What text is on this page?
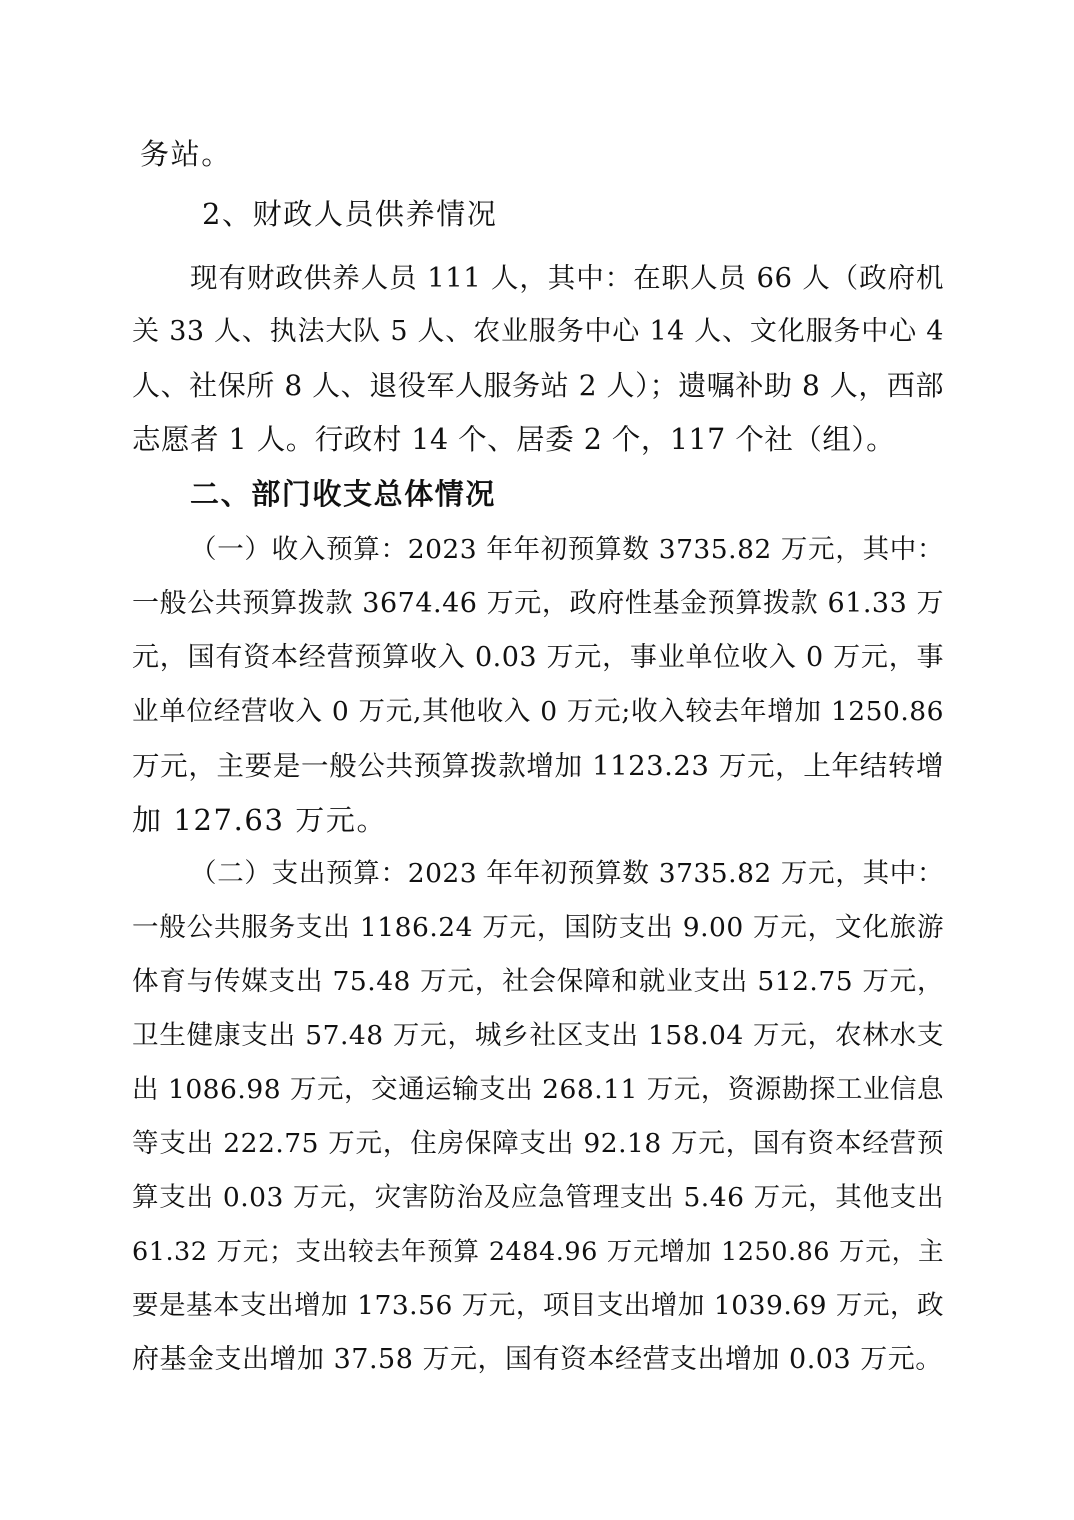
务站。
2、财政人员供养情况
现有财政供养人员 111 人，其中：在职人员 66 人（政府机
关 33 人、执法大队 5 人、农业服务中心 14 人、文化服务中心 4
人、社保所 8 人、退役军人服务站 2 人）；遗嘱补助 8 人，西部
志愿者 1 人。行政村 14 个、居委 2 个，117 个社（组）。
二、部门收支总体情况
（一）收入预算：2023 年年初预算数 3735.82 万元，其中：
一般公共预算拨款 3674.46 万元，政府性基金预算拨款 61.33 万
元，国有资本经营预算收入 0.03 万元，事业单位收入 0 万元，事
业单位经营收入 0 万元,其他收入 0 万元;收入较去年增加 1250.86
万元，主要是一般公共预算拨款增加 1123.23 万元，上年结转增
加 127.63 万元。
（二）支出预算：2023 年年初预算数 3735.82 万元，其中：
一般公共服务支出 1186.24 万元，国防支出 9.00 万元，文化旅游
体育与传媒支出 75.48 万元，社会保障和就业支出 512.75 万元，
卫生健康支出 57.48 万元，城乡社区支出 158.04 万元，农林水支
出 1086.98 万元，交通运输支出 268.11 万元，资源勘探工业信息
等支出 222.75 万元，住房保障支出 92.18 万元，国有资本经营预
算支出 0.03 万元，灾害防治及应急管理支出 5.46 万元，其他支出
61.32 万元；支出较去年预算 2484.96 万元增加 1250.86 万元，主
要是基本支出增加 173.56 万元，项目支出增加 1039.69 万元，政
府基金支出增加 37.58 万元，国有资本经营支出增加 0.03 万元。
